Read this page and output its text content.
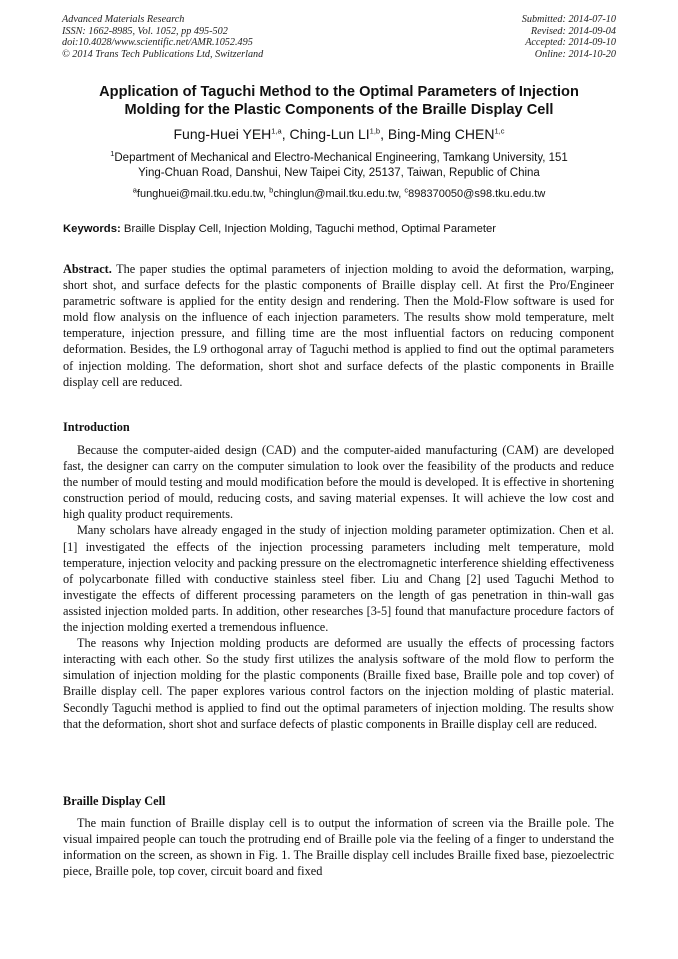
Advanced Materials Research
ISSN: 1662-8985, Vol. 1052, pp 495-502
doi:10.4028/www.scientific.net/AMR.1052.495
© 2014 Trans Tech Publications Ltd, Switzerland
Submitted: 2014-07-10
Revised: 2014-09-04
Accepted: 2014-09-10
Online: 2014-10-20
Application of Taguchi Method to the Optimal Parameters of Injection
Molding for the Plastic Components of the Braille Display Cell
Fung-Huei YEH$^{1,a}$, Ching-Lun LI$^{1,b}$, Bing-Ming CHEN$^{1,c}$
$^1$Department of Mechanical and Electro-Mechanical Engineering, Tamkang University, 151
Ying-Chuan Road, Danshui, New Taipei City, 25137, Taiwan, Republic of China
$^a$funghuei@mail.tku.edu.tw, $^b$chinglun@mail.tku.edu.tw, $^c$898370050@s98.tku.edu.tw
Keywords: Braille Display Cell, Injection Molding, Taguchi method, Optimal Parameter
Abstract. The paper studies the optimal parameters of injection molding to avoid the deformation, warping, short shot, and surface defects for the plastic components of Braille display cell. At first the Pro/Engineer parametric software is applied for the entity design and rendering. Then the Mold-Flow software is used for mold flow analysis on the influence of each injection parameters. The results show mold temperature, melt temperature, injection pressure, and filling time are the most influential factors on reducing component deformation. Besides, the L9 orthogonal array of Taguchi method is applied to find out the optimal parameters of injection molding. The deformation, short shot and surface defects of the plastic components in Braille display cell are reduced.
Introduction

Because the computer-aided design (CAD) and the computer-aided manufacturing (CAM) are developed fast, the designer can carry on the computer simulation to look over the feasibility of the products and reduce the number of mould testing and mould modification before the mould is developed. It is effective in shortening construction period of mould, reducing costs, and saving material expenses. It will achieve the low cost and high quality product requirements.

Many scholars have already engaged in the study of injection molding parameter optimization. Chen et al. [1] investigated the effects of the injection processing parameters including melt temperature, mold temperature, injection velocity and packing pressure on the electromagnetic interference shielding effectiveness of polycarbonate filled with conductive stainless steel fiber. Liu and Chang [2] used Taguchi Method to investigate the effects of different processing parameters on the length of gas penetration in thin-wall gas assisted injection molded parts. In addition, other researches [3-5] found that manufacture procedure factors of the injection molding exerted a tremendous influence.

The reasons why Injection molding products are deformed are usually the effects of processing factors interacting with each other. So the study first utilizes the analysis software of the mold flow to perform the simulation of injection molding for the plastic components (Braille fixed base, Braille pole and top cover) of Braille display cell. The paper explores various control factors on the injection molding of plastic material. Secondly Taguchi method is applied to find out the optimal parameters of injection molding. The results show that the deformation, short shot and surface defects of plastic components in Braille display cell are reduced.

Braille Display Cell

The main function of Braille display cell is to output the information of screen via the Braille pole. The visual impaired people can touch the protruding end of Braille pole via the feeling of a finger to understand the information on the screen, as shown in Fig. 1. The Braille display cell includes Braille fixed base, piezoelectric piece, Braille pole, top cover, circuit board and fixed
